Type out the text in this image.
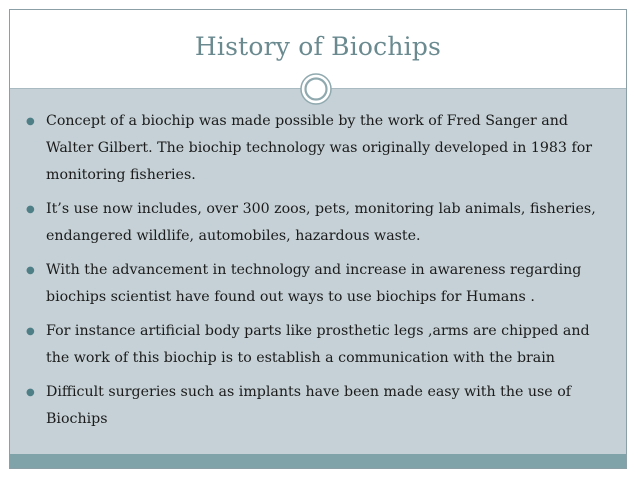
History of Biochips
● Concept of a biochip was made possible by the work of Fred Sanger and Walter Gilbert. The biochip technology was originally developed in 1983 for monitoring fisheries.
● It’s use now includes, over 300 zoos, pets, monitoring lab animals, fisheries, endangered wildlife, automobiles, hazardous waste.
● With the advancement in technology and increase in awareness regarding biochips scientist have found out ways to use biochips for Humans .
● For instance artificial body parts like prosthetic legs ,arms are chipped and the work of this biochip is to establish a communication with the brain
● Difficult surgeries such as implants have been made easy with the use of Biochips
